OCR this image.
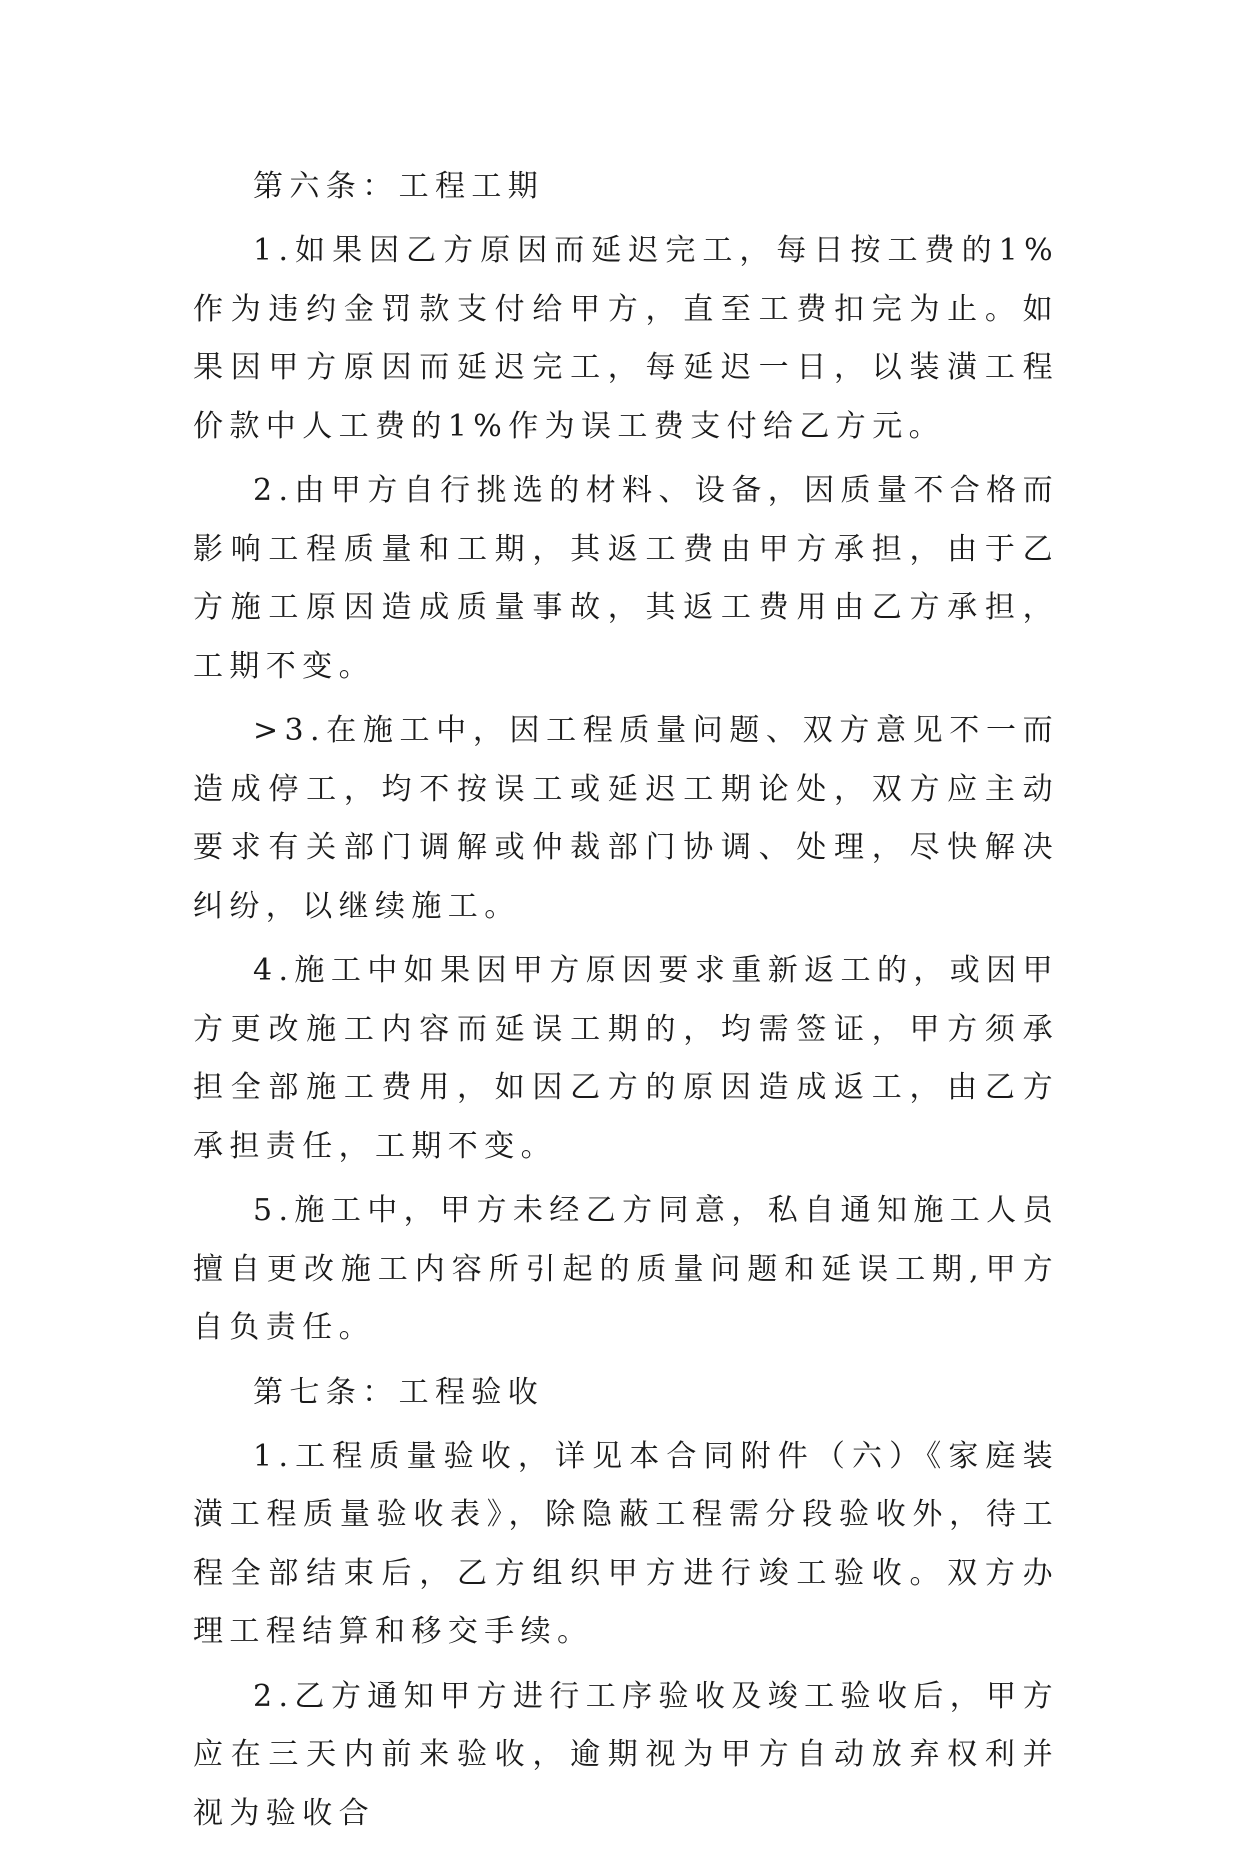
第六条：工程工期

1.如果因乙方原因而延迟完工，每日按工费的1%作为违约金罚款支付给甲方，直至工费扣完为止。如果因甲方原因而延迟完工，每延迟一日，以装潢工程价款中人工费的1%作为误工费支付给乙方元。

2.由甲方自行挑选的材料、设备，因质量不合格而影响工程质量和工期，其返工费由甲方承担，由于乙方施工原因造成质量事故，其返工费用由乙方承担，工期不变。

>3.在施工中，因工程质量问题、双方意见不一而造成停工，均不按误工或延迟工期论处，双方应主动要求有关部门调解或仲裁部门协调、处理，尽快解决纠纷，以继续施工。

4.施工中如果因甲方原因要求重新返工的，或因甲方更改施工内容而延误工期的，均需签证，甲方须承担全部施工费用，如因乙方的原因造成返工，由乙方承担责任，工期不变。

5.施工中，甲方未经乙方同意，私自通知施工人员擅自更改施工内容所引起的质量问题和延误工期,甲方自负责任。

第七条：工程验收

1.工程质量验收，详见本合同附件（六）《家庭装潢工程质量验收表》，除隐蔽工程需分段验收外，待工程全部结束后，乙方组织甲方进行竣工验收。双方办理工程结算和移交手续。

2.乙方通知甲方进行工序验收及竣工验收后，甲方应在三天内前来验收，逾期视为甲方自动放弃权利并视为验收合
